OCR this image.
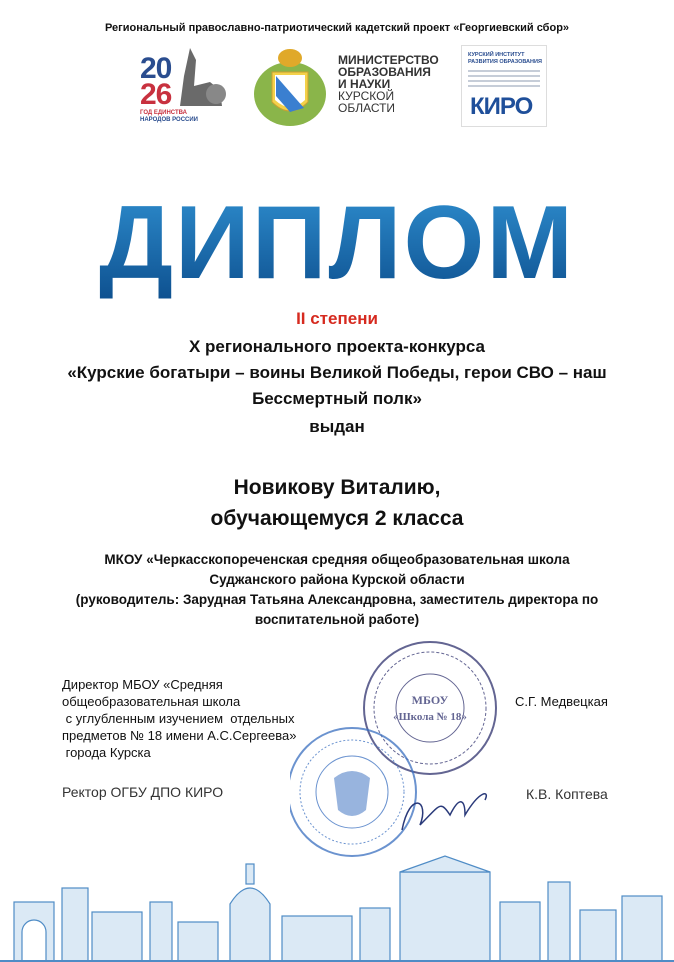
Региональный православно-патриотический кадетский проект «Георгиевский сбор»
20
26
ГОД ЕДИНСТВА
НАРОДОВ РОССИИ
МИНИСТЕРСТВО
ОБРАЗОВАНИЯ
И НАУКИ
КУРСКОЙ
ОБЛАСТИ
КУРСКИЙ ИНСТИТУТ
РАЗВИТИЯ ОБРАЗОВАНИЯ
КИРО
ДИПЛОМ
II степени
X регионального проекта-конкурса
«Курские богатыри – воины Великой Победы, герои СВО – наш
Бессмертный полк»
выдан
Новикову Виталию,
обучающемуся 2 класса
МКОУ «Черкасскопореченская средняя общеобразовательная школа
Суджанского района Курской области
(руководитель: Зарудная Татьяна Александровна, заместитель директора по
воспитательной работе)
МБОУ
«Школа № 18»
Директор МБОУ «Средняя
общеобразовательная школа
с углубленным изучением  отдельных
предметов № 18 имени А.С.Сергеева»
города Курска
С.Г. Медвецкая
Ректор ОГБУ ДПО КИРО	К.В. Коптева
